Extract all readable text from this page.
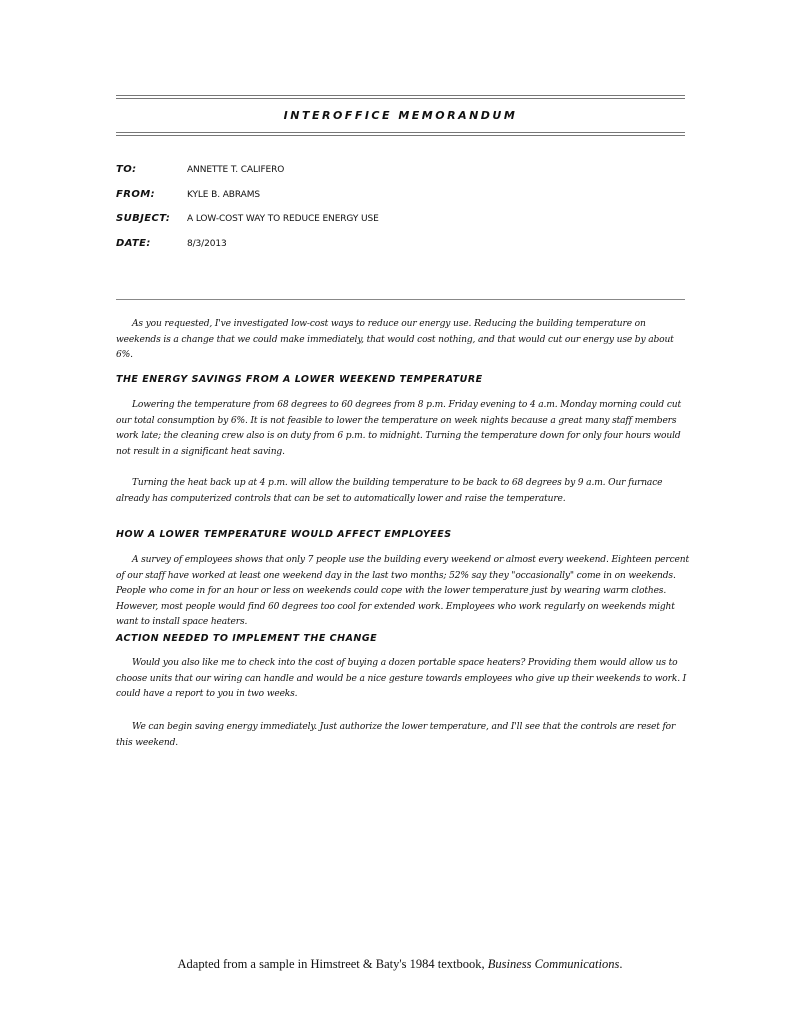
INTEROFFICE MEMORANDUM
TO:	ANNETTE T. CALIFERO
FROM:	KYLE B. ABRAMS
SUBJECT: A LOW-COST WAY TO REDUCE ENERGY USE
DATE:	8/3/2013

As you requested, I've investigated low-cost ways to reduce our energy use. Reducing the building temperature on weekends is a change that we could make immediately, that would cost nothing, and that would cut our energy use by about 6%.

THE ENERGY SAVINGS FROM A LOWER WEEKEND TEMPERATURE

Lowering the temperature from 68 degrees to 60 degrees from 8 p.m. Friday evening to 4 a.m. Monday morning could cut our total consumption by 6%. It is not feasible to lower the temperature on week nights because a great many staff members work late; the cleaning crew also is on duty from 6 p.m. to midnight. Turning the temperature down for only four hours would not result in a significant heat saving.

Turning the heat back up at 4 p.m. will allow the building temperature to be back to 68 degrees by 9 a.m. Our furnace already has computerized controls that can be set to automatically lower and raise the temperature.

HOW A LOWER TEMPERATURE WOULD AFFECT EMPLOYEES

A survey of employees shows that only 7 people use the building every weekend or almost every weekend. Eighteen percent of our staff have worked at least one weekend day in the last two months; 52% say they "occasionally" come in on weekends. People who come in for an hour or less on weekends could cope with the lower temperature just by wearing warm clothes. However, most people would find 60 degrees too cool for extended work. Employees who work regularly on weekends might want to install space heaters.

ACTION NEEDED TO IMPLEMENT THE CHANGE

Would you also like me to check into the cost of buying a dozen portable space heaters? Providing them would allow us to choose units that our wiring can handle and would be a nice gesture towards employees who give up their weekends to work. I could have a report to you in two weeks.

We can begin saving energy immediately. Just authorize the lower temperature, and I'll see that the controls are reset for this weekend.

Adapted from a sample in Himstreet & Baty's 1984 textbook, Business Communications.
